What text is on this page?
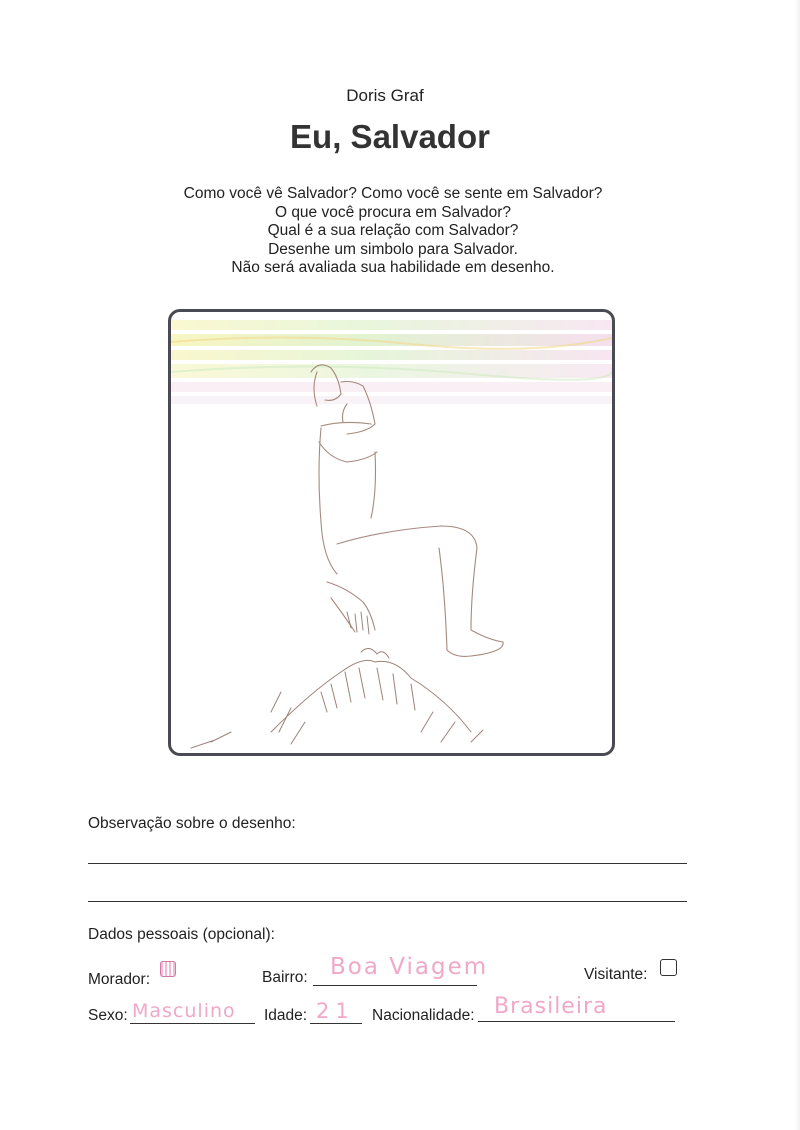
Doris Graf
Eu, Salvador
Como você vê Salvador? Como você se sente em Salvador?
O que você procura em Salvador?
Qual é a sua relação com Salvador?
Desenhe um simbolo para Salvador.
Não será avaliada sua habilidade em desenho.
Observação sobre o desenho:
Dados pessoais (opcional):
Morador:	Bairro: Boa Viagem	Visitante:
Sexo: Masculino Idade: 21 Nacionalidade: Brasileira
